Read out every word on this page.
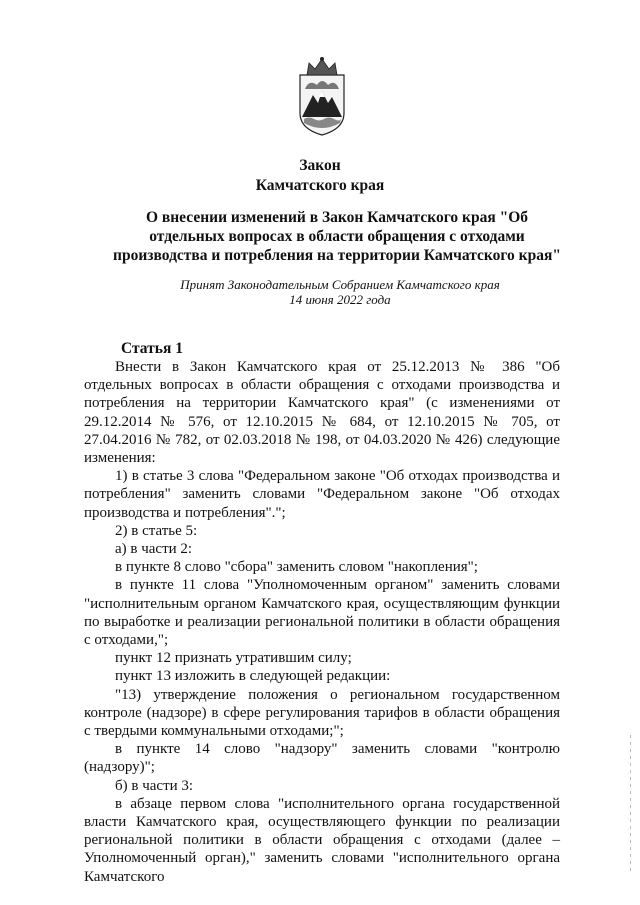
Закон
Камчатского края
О внесении изменений в Закон Камчатского края "Об отдельных вопросах в области обращения с отходами производства и потребления на территории Камчатского края"
Принят Законодательным Собранием Камчатского края
14 июня 2022 года
Статья 1

Внести в Закон Камчатского края от 25.12.2013 № 386 "Об отдельных вопросах в области обращения с отходами производства и потребления на территории Камчатского края" (с изменениями от 29.12.2014 № 576, от 12.10.2015 № 684, от 12.10.2015 № 705, от 27.04.2016 № 782, от 02.03.2018 № 198, от 04.03.2020 № 426) следующие изменения:

1) в статье 3 слова "Федеральном законе "Об отходах производства и потребления" заменить словами "Федеральном законе "Об отходах производства и потребления".";

2) в статье 5:

а) в части 2:

в пункте 8 слово "сбора" заменить словом "накопления";

в пункте 11 слова "Уполномоченным органом" заменить словами "исполнительным органом Камчатского края, осуществляющим функции по выработке и реализации региональной политики в области обращения с отходами,";

пункт 12 признать утратившим силу;

пункт 13 изложить в следующей редакции:

"13) утверждение положения о региональном государственном контроле (надзоре) в сфере регулирования тарифов в области обращения с твердыми коммунальными отходами;";

в пункте 14 слово "надзору" заменить словами "контролю (надзору)";

б) в части 3:

в абзаце первом слова "исполнительного органа государственной власти Камчатского края, осуществляющего функции по реализации региональной политики в области обращения с отходами (далее – Уполномоченный орган)," заменить словами "исполнительного органа Камчатского
